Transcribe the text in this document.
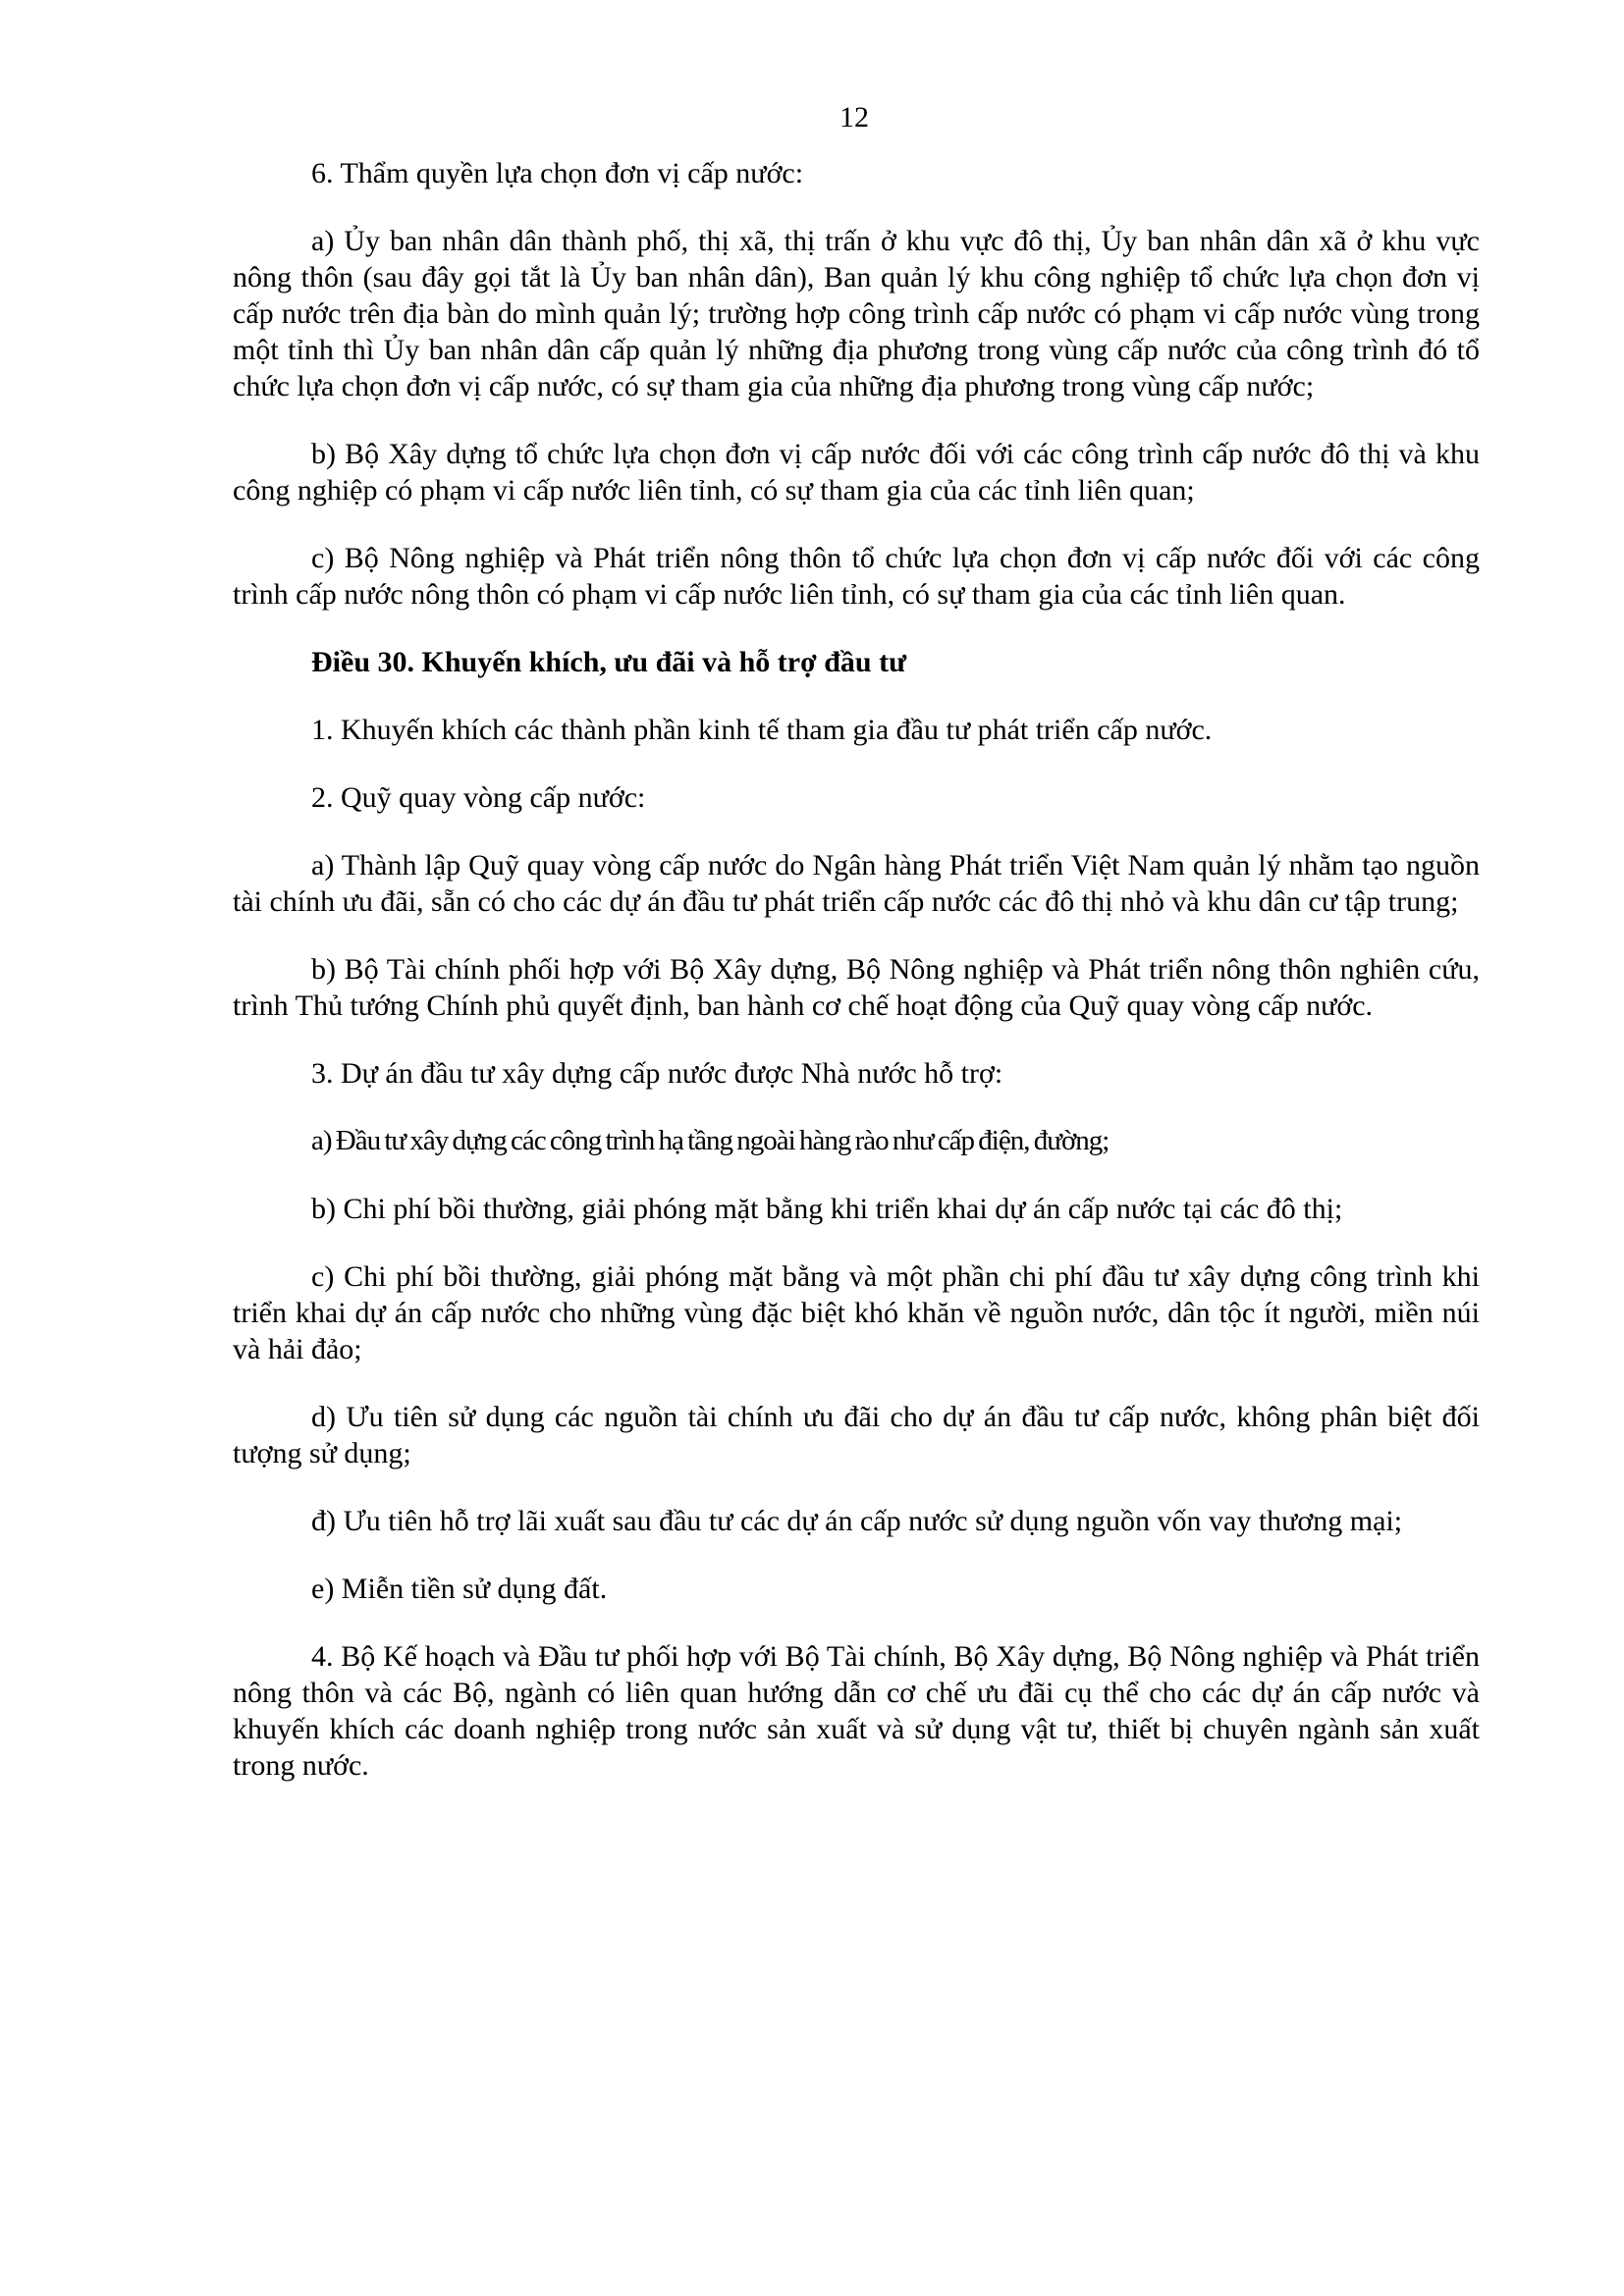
12

6. Thẩm quyền lựa chọn đơn vị cấp nước:

a) Ủy ban nhân dân thành phố, thị xã, thị trấn ở khu vực đô thị, Ủy ban nhân dân xã ở khu vực nông thôn (sau đây gọi tắt là Ủy ban nhân dân), Ban quản lý khu công nghiệp tổ chức lựa chọn đơn vị cấp nước trên địa bàn do mình quản lý; trường hợp công trình cấp nước có phạm vi cấp nước vùng trong một tỉnh thì Ủy ban nhân dân cấp quản lý những địa phương trong vùng cấp nước của công trình đó tổ chức lựa chọn đơn vị cấp nước, có sự tham gia của những địa phương trong vùng cấp nước;

b) Bộ Xây dựng tổ chức lựa chọn đơn vị cấp nước đối với các công trình cấp nước đô thị và khu công nghiệp có phạm vi cấp nước liên tỉnh, có sự tham gia của các tỉnh liên quan;

c) Bộ Nông nghiệp và Phát triển nông thôn tổ chức lựa chọn đơn vị cấp nước đối với các công trình cấp nước nông thôn có phạm vi cấp nước liên tỉnh, có sự tham gia của các tỉnh liên quan.

Điều 30. Khuyến khích, ưu đãi và hỗ trợ đầu tư

1. Khuyến khích các thành phần kinh tế tham gia đầu tư phát triển cấp nước.

2. Quỹ quay vòng cấp nước:

a) Thành lập Quỹ quay vòng cấp nước do Ngân hàng Phát triển Việt Nam quản lý nhằm tạo nguồn tài chính ưu đãi, sẵn có cho các dự án đầu tư phát triển cấp nước các đô thị nhỏ và khu dân cư tập trung;

b) Bộ Tài chính phối hợp với Bộ Xây dựng, Bộ Nông nghiệp và Phát triển nông thôn nghiên cứu, trình Thủ tướng Chính phủ quyết định, ban hành cơ chế hoạt động của Quỹ quay vòng cấp nước.

3. Dự án đầu tư xây dựng cấp nước được Nhà nước hỗ trợ:

a) Đầu tư xây dựng các công trình hạ tầng ngoài hàng rào như cấp điện, đường;

b) Chi phí bồi thường, giải phóng mặt bằng khi triển khai dự án cấp nước tại các đô thị;

c) Chi phí bồi thường, giải phóng mặt bằng và một phần chi phí đầu tư xây dựng công trình khi triển khai dự án cấp nước cho những vùng đặc biệt khó khăn về nguồn nước, dân tộc ít người, miền núi và hải đảo;

d) Ưu tiên sử dụng các nguồn tài chính ưu đãi cho dự án đầu tư cấp nước, không phân biệt đối tượng sử dụng;

đ) Ưu tiên hỗ trợ lãi xuất sau đầu tư các dự án cấp nước sử dụng nguồn vốn vay thương mại;

e) Miễn tiền sử dụng đất.

4. Bộ Kế hoạch và Đầu tư phối hợp với Bộ Tài chính, Bộ Xây dựng, Bộ Nông nghiệp và Phát triển nông thôn và các Bộ, ngành có liên quan hướng dẫn cơ chế ưu đãi cụ thể cho các dự án cấp nước và khuyến khích các doanh nghiệp trong nước sản xuất và sử dụng vật tư, thiết bị chuyên ngành sản xuất trong nước.
